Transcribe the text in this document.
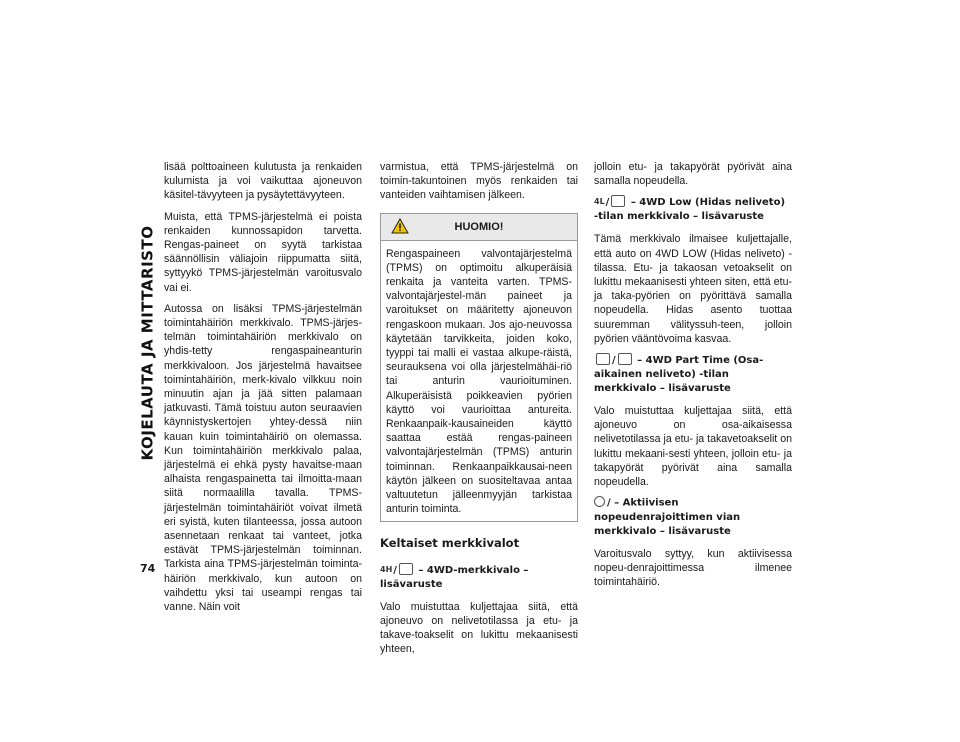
KOJELAUTA JA MITTARISTO
74

lisää polttoaineen kulutusta ja renkaiden kulumista ja voi vaikuttaa ajoneuvon käsitel-tävyyteen ja pysäytettävyyteen.

Muista, että TPMS-järjestelmä ei poista renkaiden kunnossapidon tarvetta. Rengas-paineet on syytä tarkistaa säännöllisin väliajoin riippumatta siitä, syttyykö TPMS-järjestelmän varoitusvalo vai ei.

Autossa on lisäksi TPMS-järjestelmän toimintahäiriön merkkivalo. TPMS-järjes-telmän toimintahäiriön merkkivalo on yhdis-tetty rengaspaineanturin merkkivaloon. Jos järjestelmä havaitsee toimintahäiriön, merk-kivalo vilkkuu noin minuutin ajan ja jää sitten palamaan jatkuvasti. Tämä toistuu auton seuraavien käynnistyskertojen yhtey-dessä niin kauan kuin toimintahäiriö on olemassa. Kun toimintahäiriön merkkivalo palaa, järjestelmä ei ehkä pysty havaitse-maan alhaista rengaspainetta tai ilmoitta-maan siitä normaalilla tavalla. TPMS-järjestelmän toimintahäiriöt voivat ilmetä eri syistä, kuten tilanteessa, jossa autoon asennetaan renkaat tai vanteet, jotka estävät TPMS-järjestelmän toiminnan. Tarkista aina TPMS-järjestelmän toiminta-häiriön merkkivalo, kun autoon on vaihdettu yksi tai useampi rengas tai vanne. Näin voit

varmistua, että TPMS-järjestelmä on toimin-takuntoinen myös renkaiden tai vanteiden vaihtamisen jälkeen.

HUOMIO!

Rengaspaineen valvontajärjestelmä (TPMS) on optimoitu alkuperäisiä renkaita ja vanteita varten. TPMS-valvontajärjestel-män paineet ja varoitukset on määritetty ajoneuvon rengaskoon mukaan. Jos ajo-neuvossa käytetään tarvikkeita, joiden koko, tyyppi tai malli ei vastaa alkupe-räistä, seurauksena voi olla järjestelmähäi-riö tai anturin vaurioituminen. Alkuperäisistä poikkeavien pyörien käyttö voi vaurioittaa antureita. Renkaanpaik-kausaineiden käyttö saattaa estää rengas-paineen valvontajärjestelmän (TPMS) anturin toiminnan. Renkaanpaikkausai-neen käytön jälkeen on suositeltavaa antaa valtuutetun jälleenmyyjän tarkistaa anturin toiminta.

Keltaiset merkkivalot
4H/ – 4WD-merkkivalo – lisävaruste

Valo muistuttaa kuljettajaa siitä, että ajoneuvo on nelivetotilassa ja etu- ja takave-toakselit on lukittu mekaanisesti yhteen,

jolloin etu- ja takapyörät pyörivät aina samalla nopeudella.

4L/ – 4WD Low (Hidas neliveto) -tilan merkkivalo – lisävaruste

Tämä merkkivalo ilmaisee kuljettajalle, että auto on 4WD LOW (Hidas neliveto) -tilassa. Etu- ja takaosan vetoakselit on lukittu mekaanisesti yhteen siten, että etu- ja taka-pyörien on pyörittävä samalla nopeudella. Hidas asento tuottaa suuremman välityssuh-teen, jolloin pyörien vääntövoima kasvaa.

/ – 4WD Part Time (Osa-aikainen neliveto) -tilan merkkivalo – lisävaruste

Valo muistuttaa kuljettajaa siitä, että ajoneuvo on osa-aikaisessa nelivetotilassa ja etu- ja takavetoakselit on lukittu mekaani-sesti yhteen, jolloin etu- ja takapyörät pyörivät aina samalla nopeudella.

/ – Aktiivisen nopeudenrajoittimen vian merkkivalo – lisävaruste

Varoitusvalo syttyy, kun aktiivisessa nopeu-denrajoittimessa ilmenee toimintahäiriö.
